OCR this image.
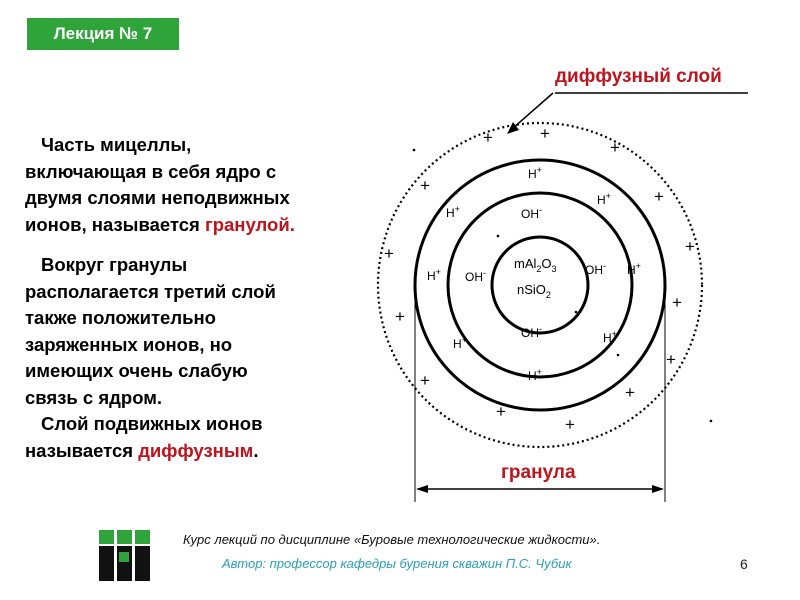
Лекция № 7

Часть мицеллы,

включающая в себя ядро с

двумя слоями неподвижных

ионов, называется гранулой.

Вокруг гранулы

располагается третий слой

также положительно

заряженных ионов, но

имеющих очень слабую

связь с ядром.

Слой подвижных ионов

называется диффузным.

диффузный слой
$mAl_2O_3$
nSiO$_2$
OH-
OH-	OH-
OH-
H+
H+
H+
H+	H+
H+	H+
H+
+	+
+
+
+
+	+
+
+
+
+
+
+
+
гранула
Курс лекций по дисциплине «Буровые технологические жидкости».
Автор: профессор кафедры бурения скважин П.С. Чубик	6
